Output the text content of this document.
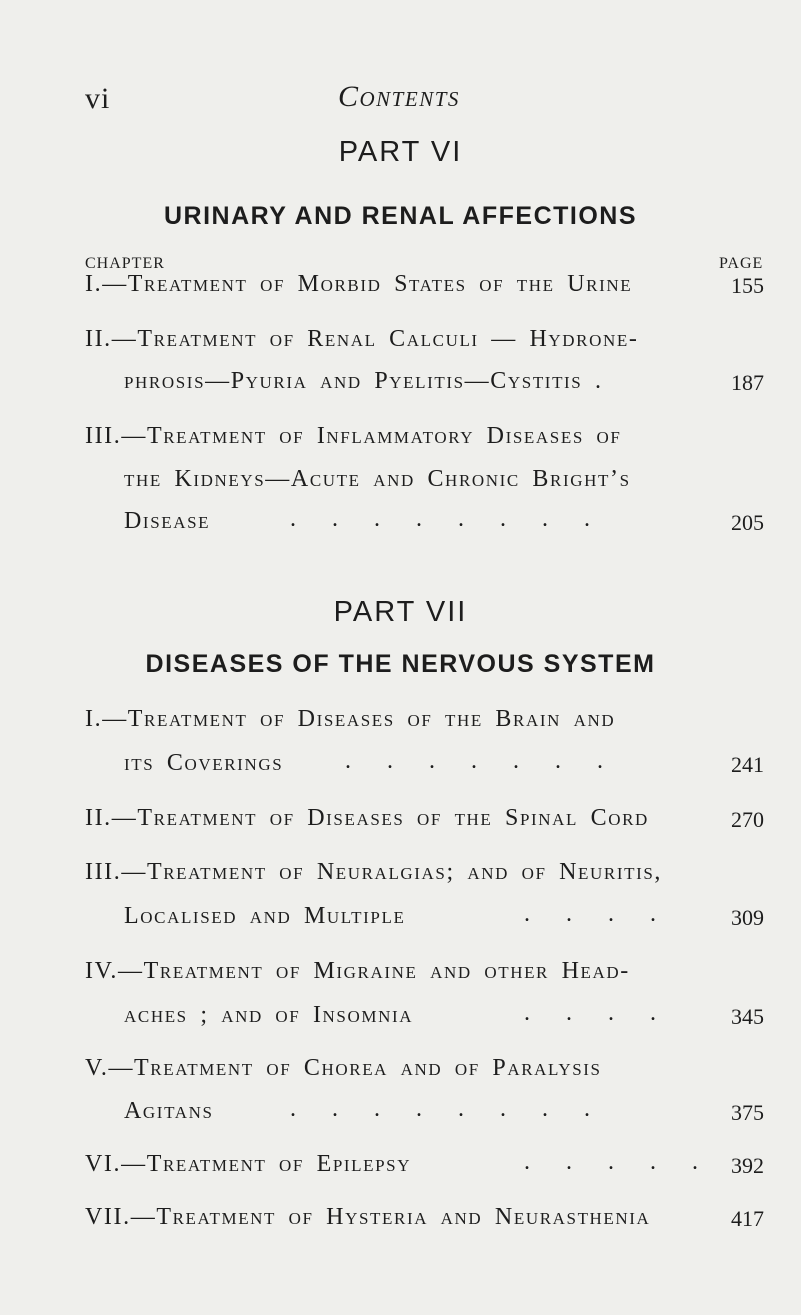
vi	Contents
PART VI
URINARY AND RENAL AFFECTIONS
CHAPTER	PAGE
I.—Treatment of Morbid States of the Urine	155
II.—Treatment of Renal Calculi — Hydrone-
phrosis—Pyuria and Pyelitis—Cystitis .	187
III.—Treatment of Inflammatory Diseases of
the Kidneys—Acute and Chronic Bright’s
Disease	. . . . . . . .	205
PART VII
DISEASES OF THE NERVOUS SYSTEM
I.—Treatment of Diseases of the Brain and
its Coverings	. . . . . . .	241
II.—Treatment of Diseases of the Spinal Cord	270
III.—Treatment of Neuralgias; and of Neuritis,
Localised and Multiple	. . . .	309
IV.—Treatment of Migraine and other Head-
aches ; and of Insomnia	. . . .	345
V.—Treatment of Chorea and of Paralysis
Agitans	. . . . . . . .	375
VI.—Treatment of Epilepsy	. . . . . 392
VII.—Treatment of Hysteria and Neurasthenia	417
